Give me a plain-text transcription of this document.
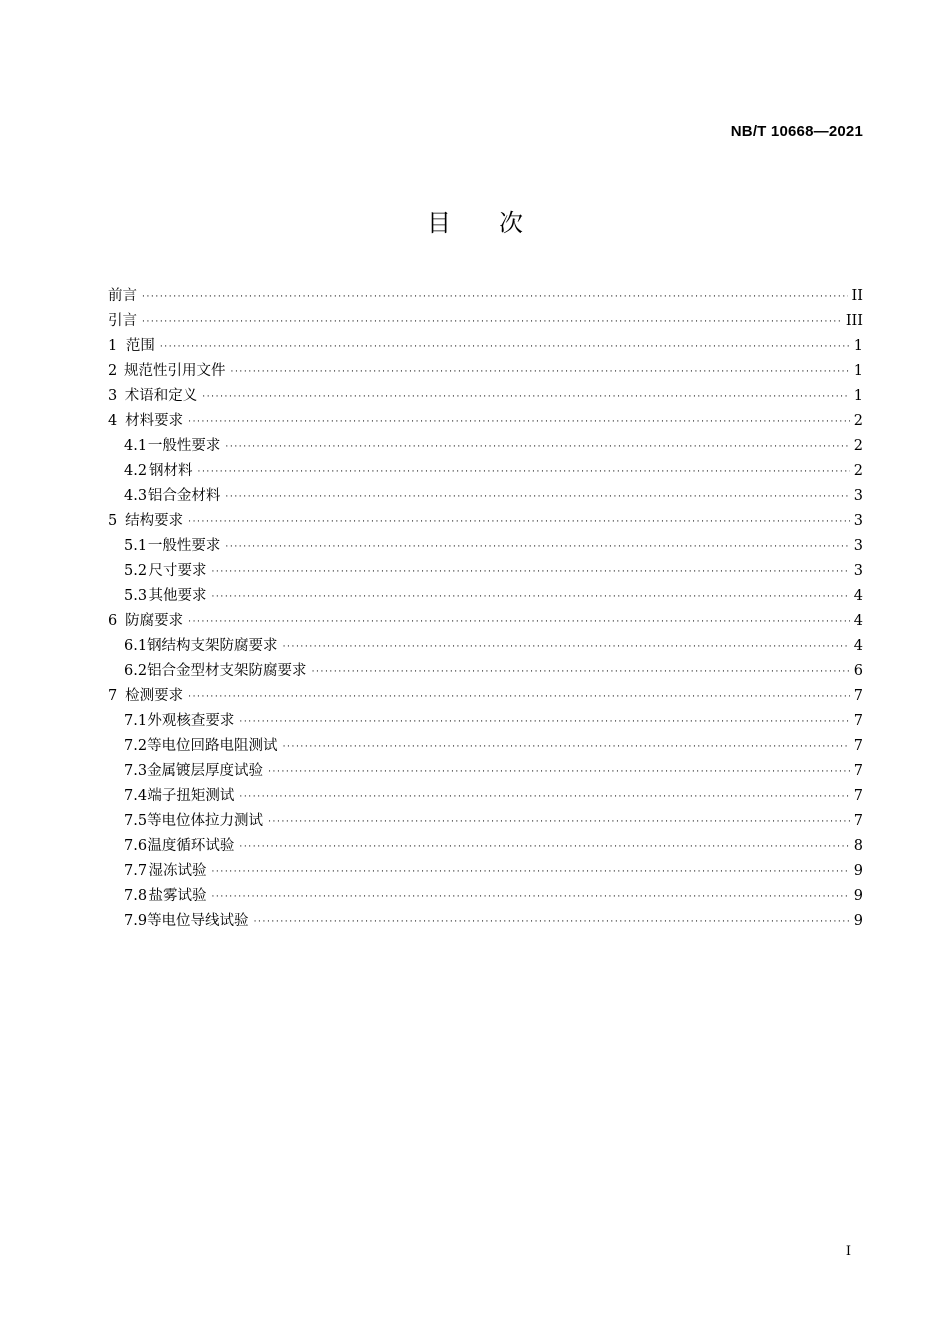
NB/T 10668—2021
目 次
前言 ·····	II
引言 ·····	III
1 范围 ·····	1
2 规范性引用文件 ·····	1
3 术语和定义 ·····	1
4 材料要求 ·····	2
4.1 一般性要求 ·····	2
4.2 钢材料 ·····	2
4.3 铝合金材料 ·····	3
5 结构要求 ·····	3
5.1 一般性要求 ·····	3
5.2 尺寸要求 ·····	3
5.3 其他要求 ·····	4
6 防腐要求 ·····	4
6.1 钢结构支架防腐要求 ·····	4
6.2 铝合金型材支架防腐要求 ·····	6
7 检测要求 ·····	7
7.1 外观核查要求 ·····	7
7.2 等电位回路电阻测试 ·····	7
7.3 金属镀层厚度试验 ·····	7
7.4 端子扭矩测试 ·····	7
7.5 等电位体拉力测试 ·····	7
7.6 温度循环试验 ·····	8
7.7 湿冻试验 ·····	9
7.8 盐雾试验 ·····	9
7.9 等电位导线试验 ·····	9
I
